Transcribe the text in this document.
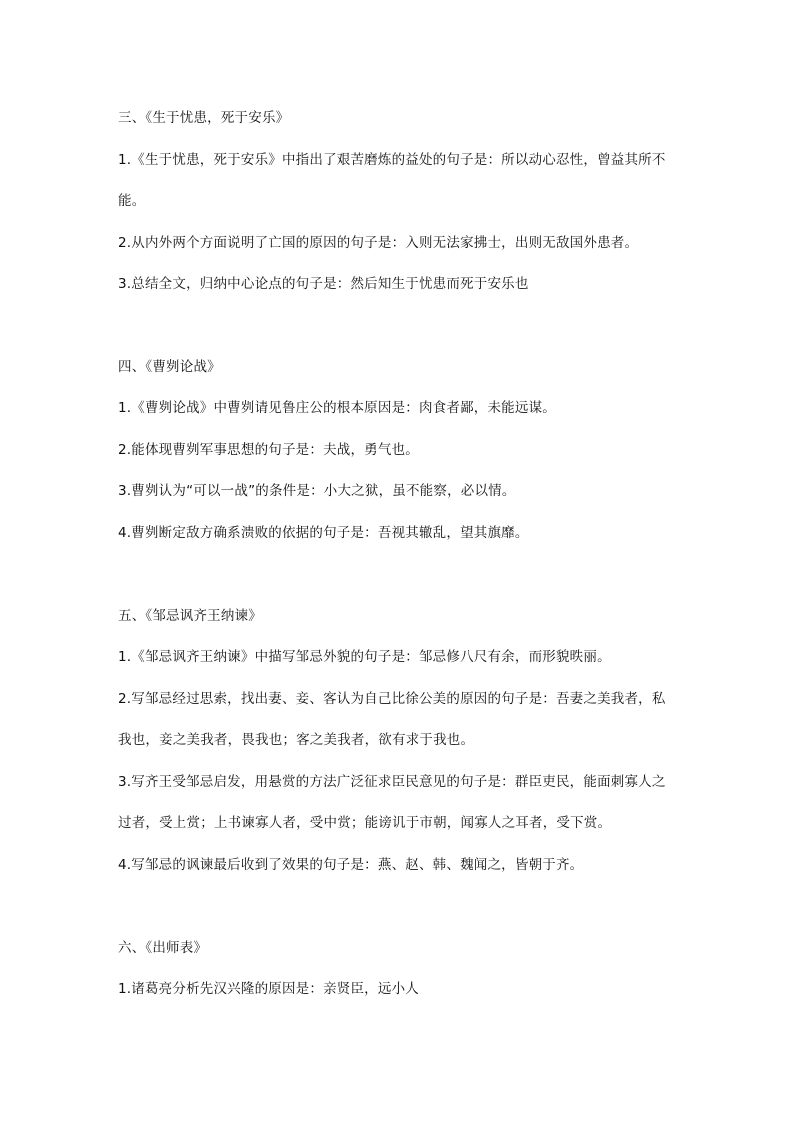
三、《生于忧患，死于安乐》
1.《生于忧患，死于安乐》中指出了艰苦磨炼的益处的句子是：所以动心忍性，曾益其所不
能。
2.从内外两个方面说明了亡国的原因的句子是：入则无法家拂士，出则无敌国外患者。
3.总结全文，归纳中心论点的句子是：然后知生于忧患而死于安乐也
四、《曹刿论战》
1.《曹刿论战》中曹刿请见鲁庄公的根本原因是：肉食者鄙，未能远谋。
2.能体现曹刿军事思想的句子是：夫战，勇气也。
3.曹刿认为“可以一战”的条件是：小大之狱，虽不能察，必以情。
4.曹刿断定敌方确系溃败的依据的句子是：吾视其辙乱，望其旗靡。
五、《邹忌讽齐王纳谏》
1.《邹忌讽齐王纳谏》中描写邹忌外貌的句子是：邹忌修八尺有余，而形貌昳丽。
2.写邹忌经过思索，找出妻、妾、客认为自己比徐公美的原因的句子是：吾妻之美我者，私
我也，妾之美我者，畏我也；客之美我者，欲有求于我也。
3.写齐王受邹忌启发，用悬赏的方法广泛征求臣民意见的句子是：群臣吏民，能面刺寡人之
过者，受上赏；上书谏寡人者，受中赏；能谤讥于市朝，闻寡人之耳者，受下赏。
4.写邹忌的讽谏最后收到了效果的句子是：燕、赵、韩、魏闻之，皆朝于齐。
六、《出师表》
1.诸葛亮分析先汉兴隆的原因是：亲贤臣，远小人
